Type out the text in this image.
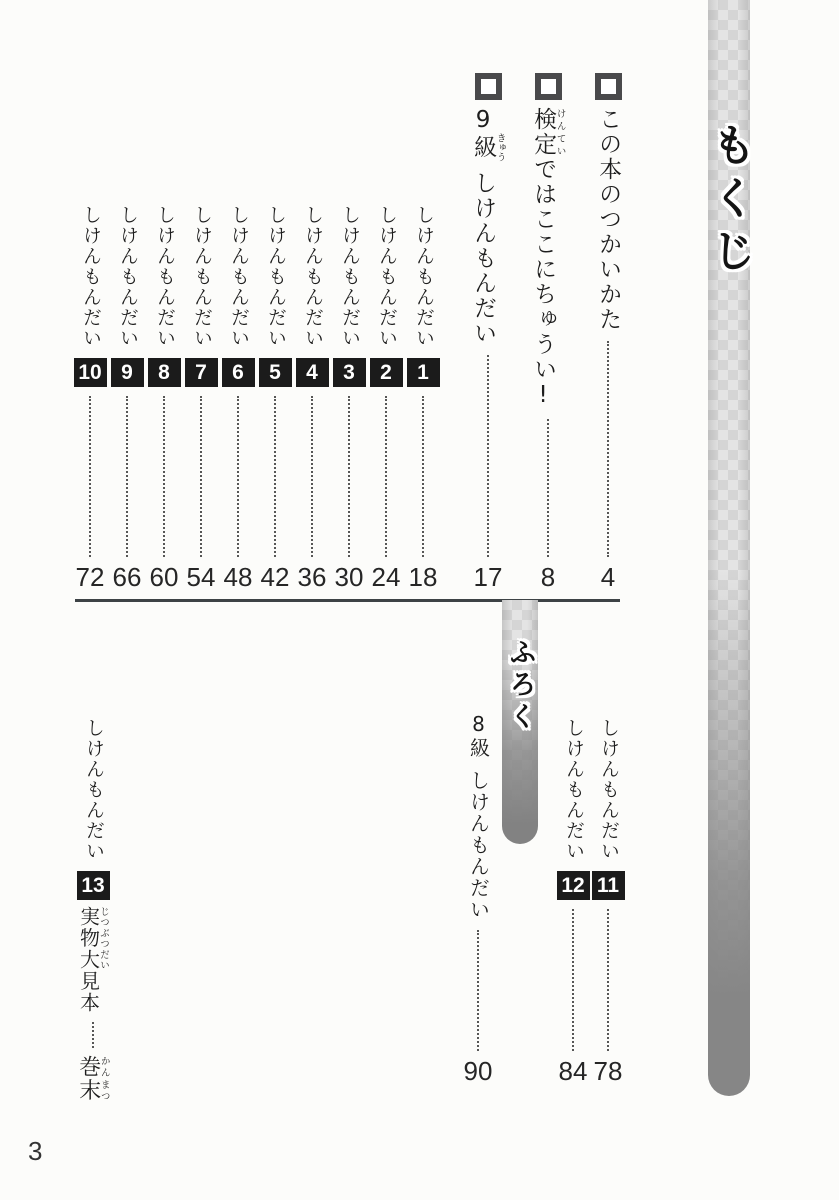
もくじ
この本のつかいかた
4
検定けんていではここにちゅうい!
8
9級きゅうしけんもんだい
17
しけんもんだい
1
18
しけんもんだい
2
24
しけんもんだい
3
30
しけんもんだい
4
36
しけんもんだい
5
42
しけんもんだい
6
48
しけんもんだい
7
54
しけんもんだい
8
60
しけんもんだい
9
66
しけんもんだい
10
72
ふろく
しけんもんだい
11
78
しけんもんだい
12
84
8級しけんもんだい
90
しけんもんだい
13
実物大じつぶつだい見本
巻末かんまつ
3
